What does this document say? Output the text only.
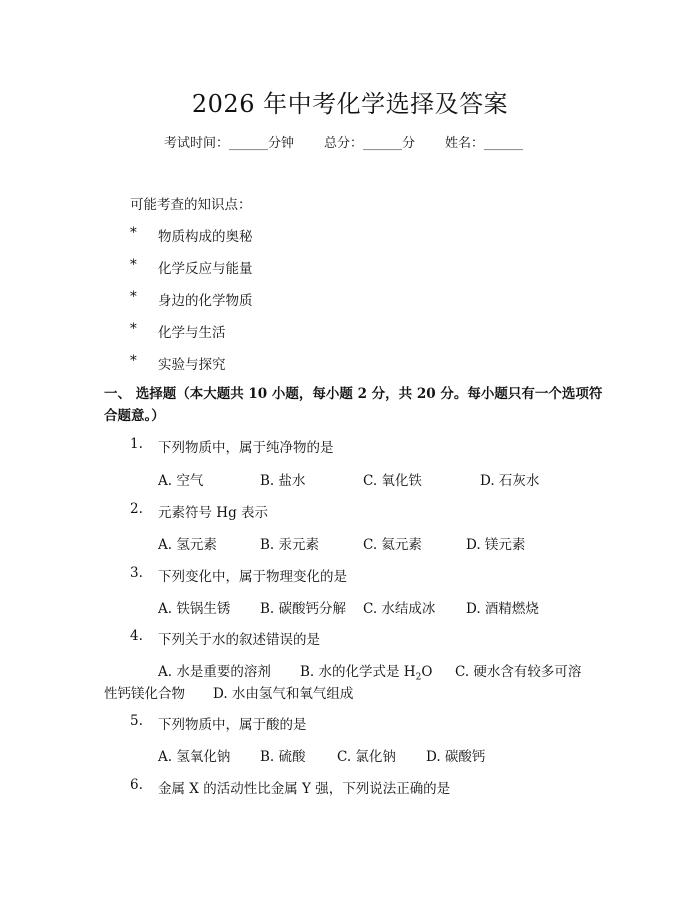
2026 年中考化学选择及答案
考试时间：______分钟 总分：______分 姓名：______
可能考查的知识点：
* 物质构成的奥秘
* 化学反应与能量
* 身边的化学物质
* 化学与生活
* 实验与探究
一、 选择题（本大题共 10 小题，每小题 2 分，共 20 分。每小题只有一个选项符合题意。）
1. 下列物质中，属于纯净物的是
A. 空气	B. 盐水	C. 氧化铁	D. 石灰水
2. 元素符号 Hg 表示
A. 氢元素	B. 汞元素	C. 氦元素	D. 镁元素
3. 下列变化中，属于物理变化的是
A. 铁锅生锈 B. 碳酸钙分解 C. 水结成冰 D. 酒精燃烧
4. 下列关于水的叙述错误的是
A. 水是重要的溶剂 B. 水的化学式是 $H_2O$ C. 硬水含有较多可溶
性钙镁化合物 D. 水由氢气和氧气组成
5. 下列物质中，属于酸的是
A. 氢氧化钠 B. 硫酸 C. 氯化钠 D. 碳酸钙
6. 金属 X 的活动性比金属 Y 强，下列说法正确的是
